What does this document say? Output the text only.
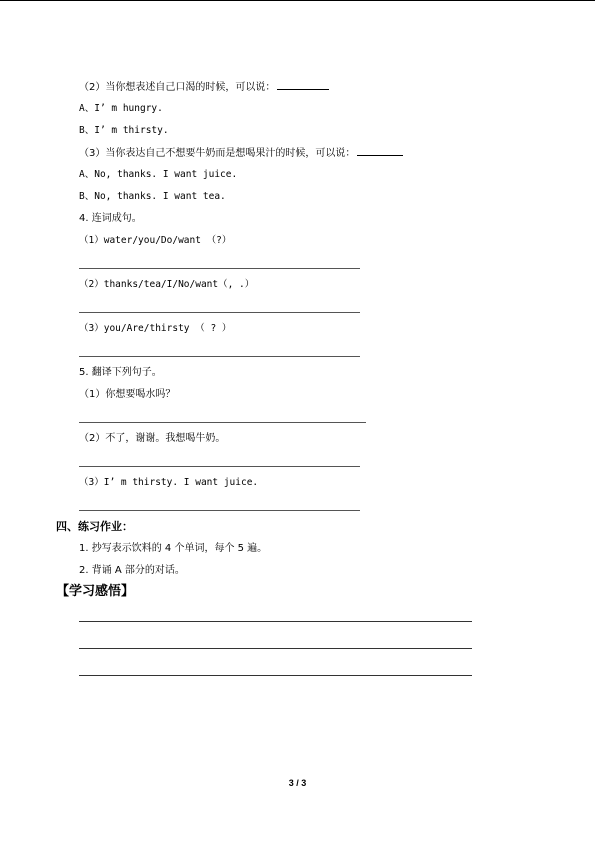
（2）当你想表述自己口渴的时候，可以说：
A、I’ m hungry.
B、I’ m thirsty.
（3）当你表达自己不想要牛奶而是想喝果汁的时候，可以说：
A、No, thanks. I want juice.
B、No, thanks. I want tea.
4. 连词成句。
（1）water/you/Do/want （?）
（2）thanks/tea/I/No/want（, .）
（3）you/Are/thirsty （ ? ）
5. 翻译下列句子。
（1）你想要喝水吗？
（2）不了，谢谢。我想喝牛奶。
（3）I’ m thirsty. I want juice.
四、练习作业：
1. 抄写表示饮料的 4 个单词，每个 5 遍。
2. 背诵 A 部分的对话。
【学习感悟】
3 / 3
